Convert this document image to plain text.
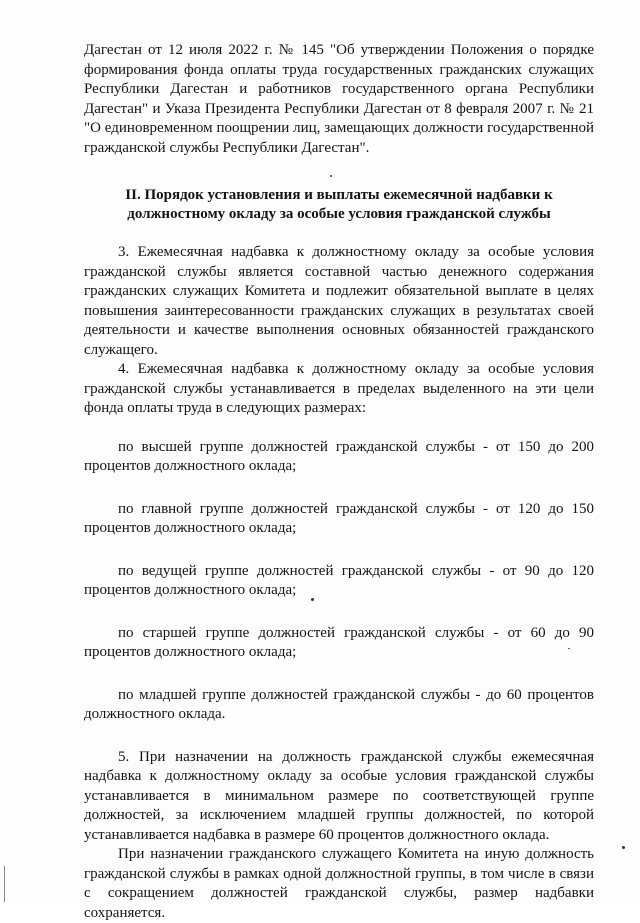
Дагестан от 12 июля 2022 г. № 145 "Об утверждении Положения о порядке формирования фонда оплаты труда государственных гражданских служащих Республики Дагестан и работников государственного органа Республики Дагестан" и Указа Президента Республики Дагестан от 8 февраля 2007 г. № 21 "О единовременном поощрении лиц, замещающих должности государственной гражданской службы Республики Дагестан".

II. Порядок установления и выплаты ежемесячной надбавки к
должностному окладу за особые условия гражданской службы

3. Ежемесячная надбавка к должностному окладу за особые условия гражданской службы является составной частью денежного содержания гражданских служащих Комитета и подлежит обязательной выплате в целях повышения заинтересованности гражданских служащих в результатах своей деятельности и качестве выполнения основных обязанностей гражданского служащего.

4. Ежемесячная надбавка к должностному окладу за особые условия гражданской службы устанавливается в пределах выделенного на эти цели фонда оплаты труда в следующих размерах:

по высшей группе должностей гражданской службы - от 150 до 200 процентов должностного оклада;

по главной группе должностей гражданской службы - от 120 до 150 процентов должностного оклада;

по ведущей группе должностей гражданской службы - от 90 до 120 процентов должностного оклада;

по старшей группе должностей гражданской службы - от 60 до 90 процентов должностного оклада;

по младшей группе должностей гражданской службы - до 60 процентов должностного оклада.

5. При назначении на должность гражданской службы ежемесячная надбавка к должностному окладу за особые условия гражданской службы устанавливается в минимальном размере по соответствующей группе должностей, за исключением младшей группы должностей, по которой устанавливается надбавка в размере 60 процентов должностного оклада.

При назначении гражданского служащего Комитета на иную должность гражданской службы в рамках одной должностной группы, в том числе в связи с сокращением должностей гражданской службы, размер надбавки сохраняется.
